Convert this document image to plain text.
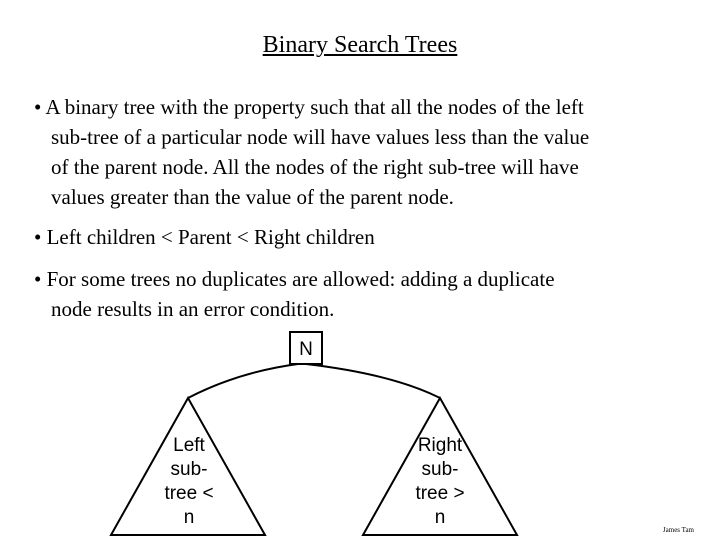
Binary Search Trees
• A binary tree with the property such that all the nodes of the left
sub-tree of a particular node will have values less than the value
of the parent node. All the nodes of the right sub-tree will have
values greater than the value of the parent node.
• Left children < Parent < Right children
• For some trees no duplicates are allowed: adding a duplicate
node results in an error condition.
N
Left
sub-
tree <
n
Right
sub-
tree >
n
James Tam
